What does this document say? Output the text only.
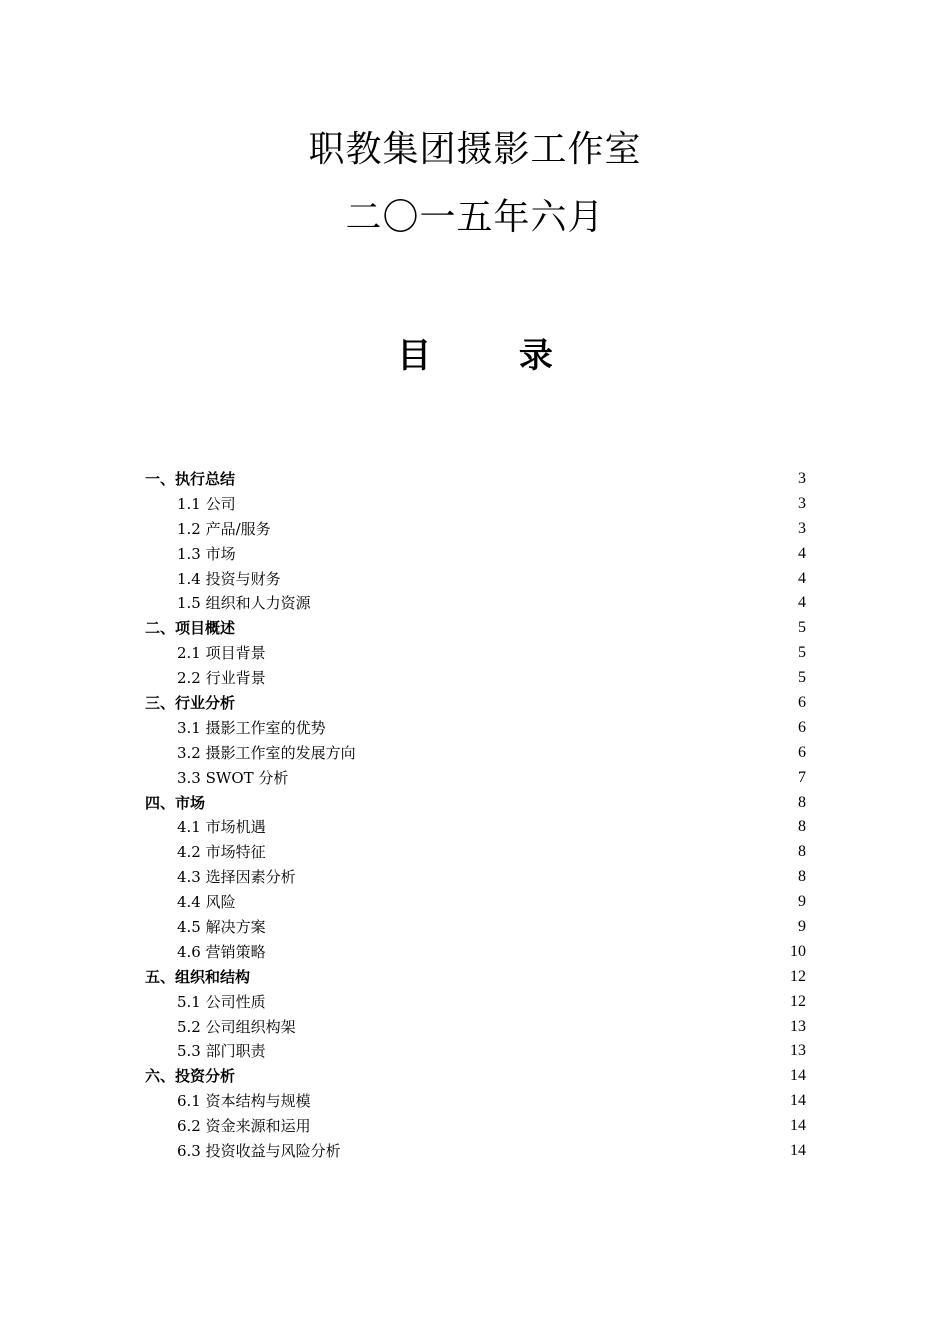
职教集团摄影工作室
二〇一五年六月
目 录
一、执行总结	3
1.1 公司	3
1.2 产品/服务	3
1.3 市场	4
1.4 投资与财务	4
1.5 组织和人力资源	4
二、项目概述	5
2.1 项目背景	5
2.2 行业背景	5
三、行业分析	6
3.1 摄影工作室的优势	6
3.2 摄影工作室的发展方向	6
3.3 SWOT 分析	7
四、市场	8
4.1 市场机遇	8
4.2 市场特征	8
4.3 选择因素分析	8
4.4 风险	9
4.5 解决方案	9
4.6 营销策略	10
五、组织和结构	12
5.1 公司性质	12
5.2 公司组织构架	13
5.3 部门职责	13
六、投资分析	14
6.1 资本结构与规模	14
6.2 资金来源和运用	14
6.3 投资收益与风险分析	14
